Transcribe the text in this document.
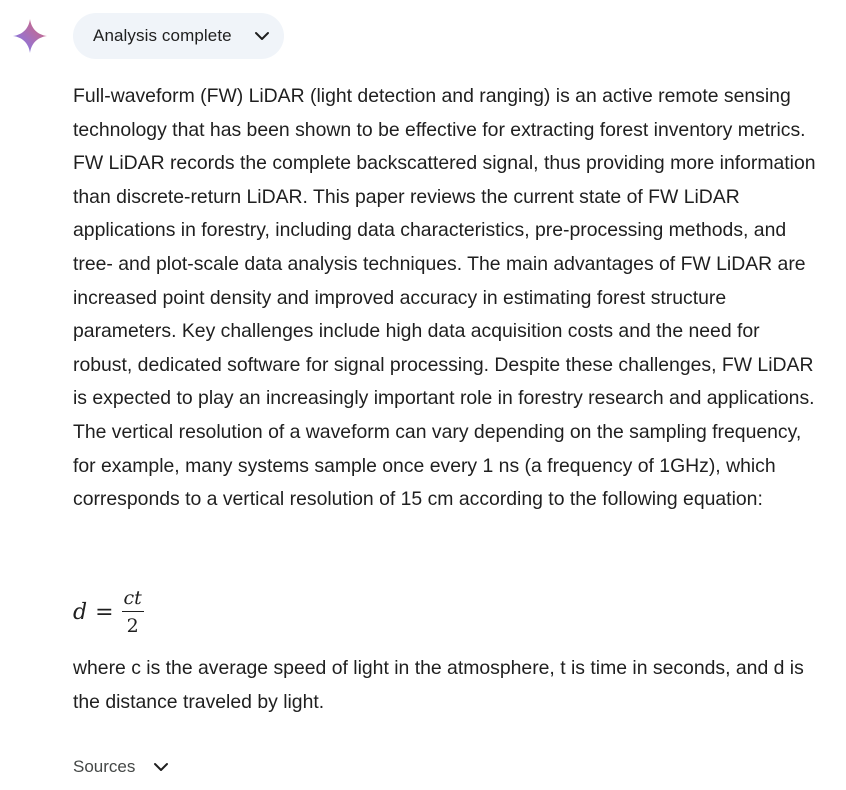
Analysis complete

Full-waveform (FW) LiDAR (light detection and ranging) is an active remote sensing technology that has been shown to be effective for extracting forest inventory metrics. FW LiDAR records the complete backscattered signal, thus providing more information than discrete-return LiDAR. This paper reviews the current state of FW LiDAR applications in forestry, including data characteristics, pre-processing methods, and tree- and plot-scale data analysis techniques. The main advantages of FW LiDAR are increased point density and improved accuracy in estimating forest structure parameters. Key challenges include high data acquisition costs and the need for robust, dedicated software for signal processing. Despite these challenges, FW LiDAR is expected to play an increasingly important role in forestry research and applications. The vertical resolution of a waveform can vary depending on the sampling frequency, for example, many systems sample once every 1 ns (a frequency of 1GHz), which corresponds to a vertical resolution of 15 cm according to the following equation:

$d = \frac{ct}{2}$

where c is the average speed of light in the atmosphere, t is time in seconds, and d is the distance traveled by light.

Sources
